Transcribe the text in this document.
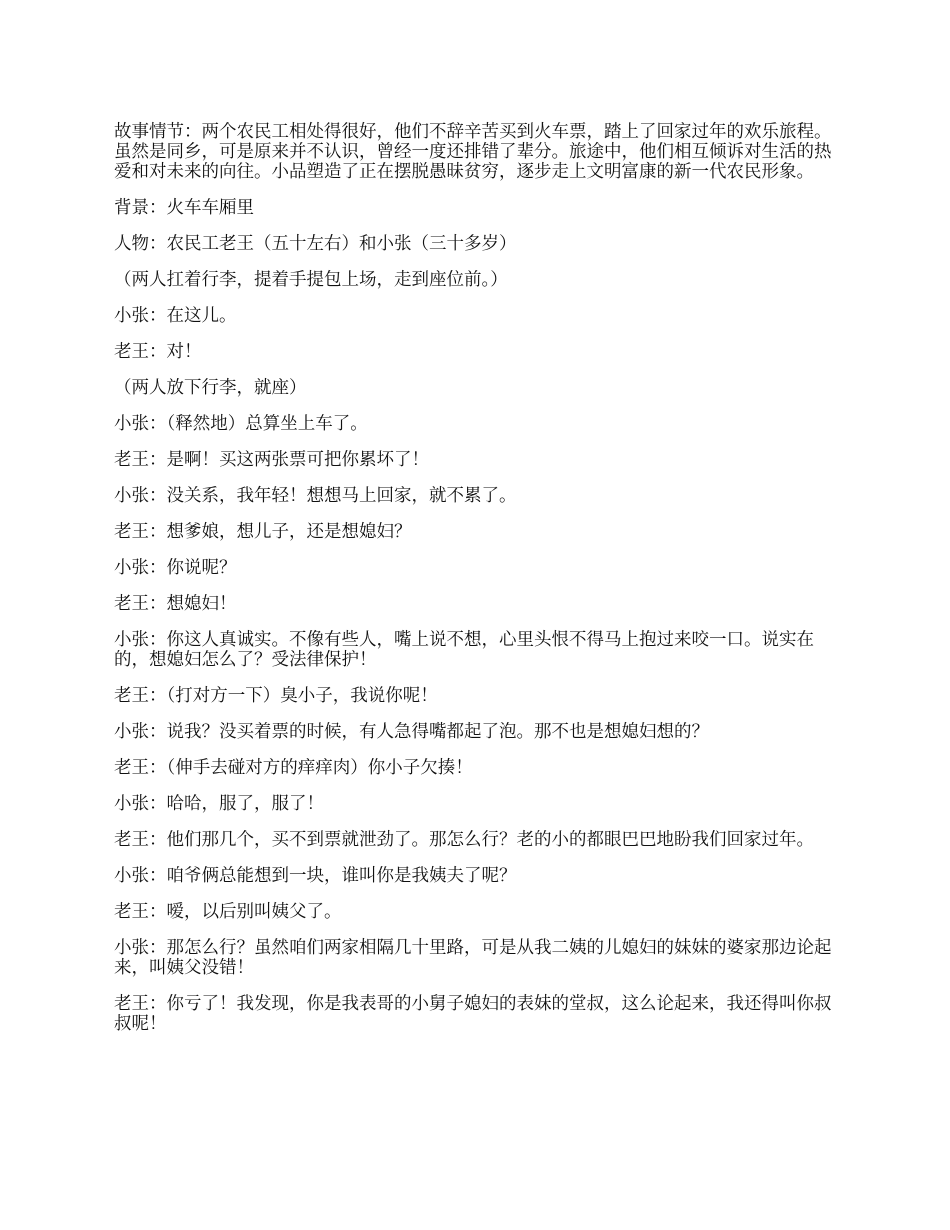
故事情节：两个农民工相处得很好，他们不辞辛苦买到火车票，踏上了回家过年的欢乐旅程。虽然是同乡，可是原来并不认识，曾经一度还排错了辈分。旅途中，他们相互倾诉对生活的热爱和对未来的向往。小品塑造了正在摆脱愚昧贫穷，逐步走上文明富康的新一代农民形象。

背景：火车车厢里

人物：农民工老王（五十左右）和小张（三十多岁）

（两人扛着行李，提着手提包上场，走到座位前。）

小张：在这儿。

老王：对！

（两人放下行李，就座）

小张：（释然地）总算坐上车了。

老王：是啊！买这两张票可把你累坏了！

小张：没关系，我年轻！想想马上回家，就不累了。

老王：想爹娘，想儿子，还是想媳妇？

小张：你说呢？

老王：想媳妇！

小张：你这人真诚实。不像有些人，嘴上说不想，心里头恨不得马上抱过来咬一口。说实在的，想媳妇怎么了？受法律保护！

老王：（打对方一下）臭小子，我说你呢！

小张：说我？没买着票的时候，有人急得嘴都起了泡。那不也是想媳妇想的？

老王：（伸手去碰对方的痒痒肉）你小子欠揍！

小张：哈哈，服了，服了！

老王：他们那几个，买不到票就泄劲了。那怎么行？老的小的都眼巴巴地盼我们回家过年。

小张：咱爷俩总能想到一块，谁叫你是我姨夫了呢？

老王：嗳，以后别叫姨父了。

小张：那怎么行？虽然咱们两家相隔几十里路，可是从我二姨的儿媳妇的妹妹的婆家那边论起来，叫姨父没错！

老王：你亏了！我发现，你是我表哥的小舅子媳妇的表妹的堂叔，这么论起来，我还得叫你叔叔呢！
